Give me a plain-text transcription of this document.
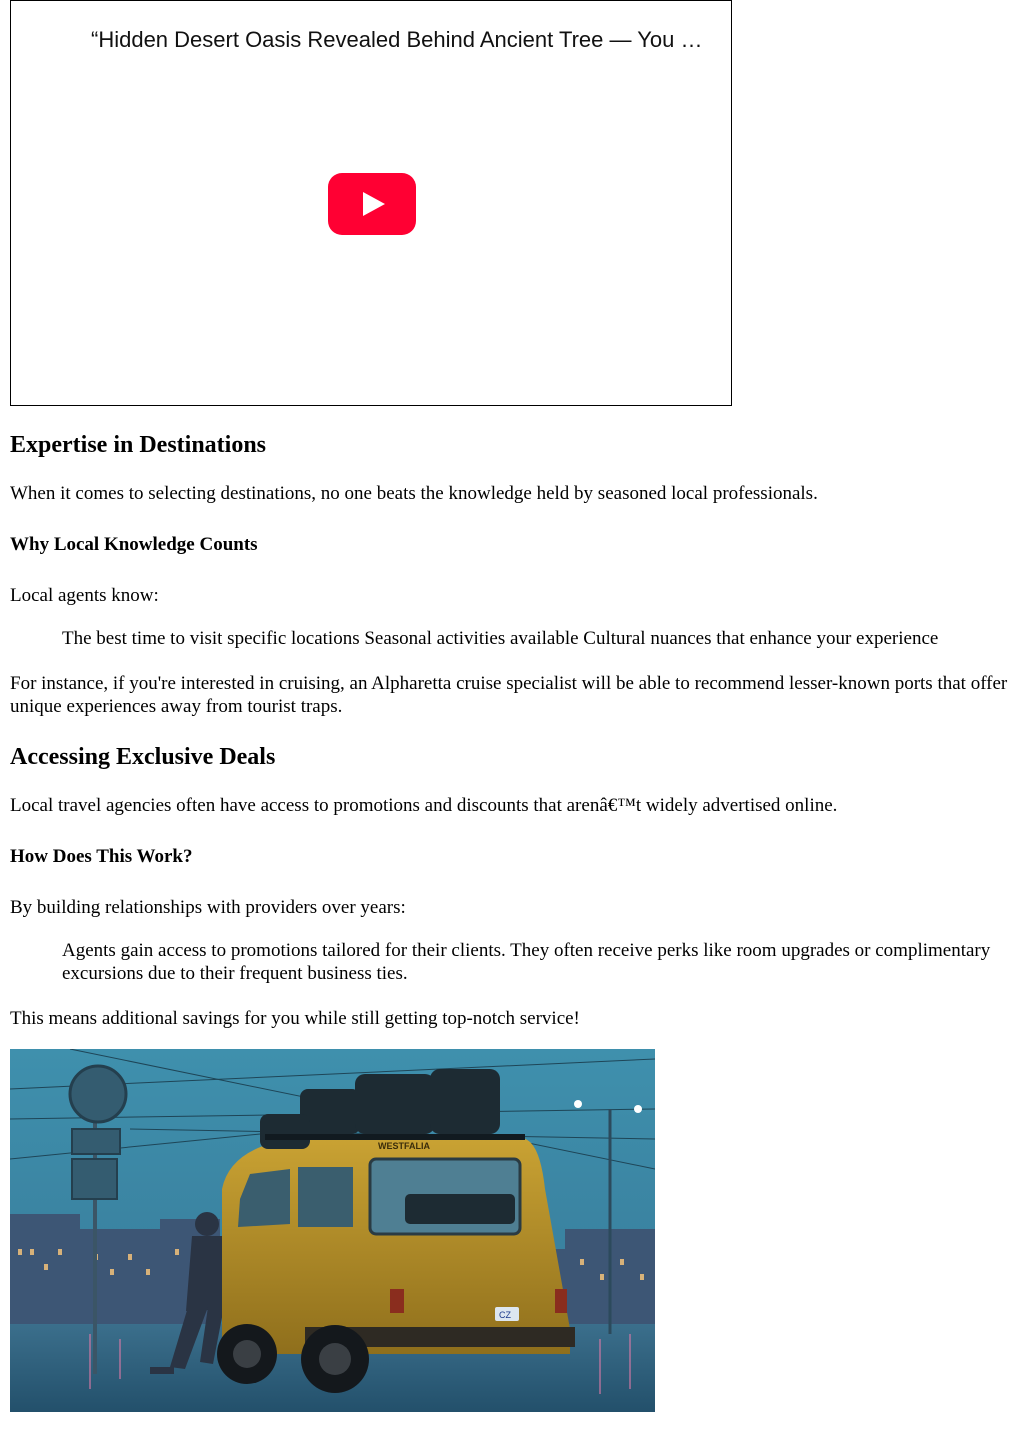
“Hidden Desert Oasis Revealed Behind Ancient Tree — You …
Expertise in Destinations

When it comes to selecting destinations, no one beats the knowledge held by seasoned local professionals.

Why Local Knowledge Counts

Local agents know:

The best time to visit specific locations Seasonal activities available Cultural nuances that enhance your experience

For instance, if you're interested in cruising, an Alpharetta cruise specialist will be able to recommend lesser-known ports that offer unique experiences away from tourist traps.

Accessing Exclusive Deals

Local travel agencies often have access to promotions and discounts that arenâ€™t widely advertised online.

How Does This Work?

By building relationships with providers over years:

Agents gain access to promotions tailored for their clients. They often receive perks like room upgrades or complimentary excursions due to their frequent business ties.

This means additional savings for you while still getting top-notch service!

WESTFALIA
CZ
